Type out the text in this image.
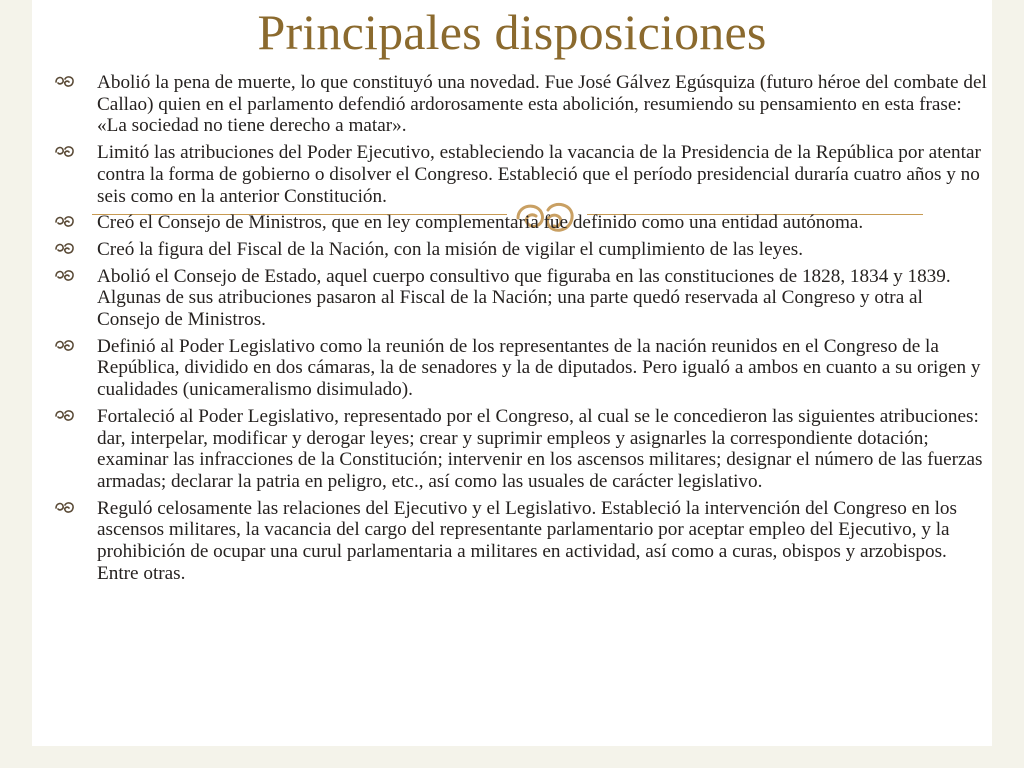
Principales disposiciones
Abolió la pena de muerte, lo que constituyó una novedad. Fue José Gálvez Egúsquiza (futuro héroe del combate del Callao) quien en el parlamento defendió ardorosamente esta abolición, resumiendo su pensamiento en esta frase: «La sociedad no tiene derecho a matar».
Limitó las atribuciones del Poder Ejecutivo, estableciendo la vacancia de la Presidencia de la República por atentar contra la forma de gobierno o disolver el Congreso. Estableció que el período presidencial duraría cuatro años y no seis como en la anterior Constitución.
Creó el Consejo de Ministros, que en ley complementaria fue definido como una entidad autónoma.
Creó la figura del Fiscal de la Nación, con la misión de vigilar el cumplimiento de las leyes.
Abolió el Consejo de Estado, aquel cuerpo consultivo que figuraba en las constituciones de 1828, 1834 y 1839. Algunas de sus atribuciones pasaron al Fiscal de la Nación; una parte quedó reservada al Congreso y otra al Consejo de Ministros.
Definió al Poder Legislativo como la reunión de los representantes de la nación reunidos en el Congreso de la República, dividido en dos cámaras, la de senadores y la de diputados. Pero igualó a ambos en cuanto a su origen y cualidades (unicameralismo disimulado).
Fortaleció al Poder Legislativo, representado por el Congreso, al cual se le concedieron las siguientes atribuciones: dar, interpelar, modificar y derogar leyes; crear y suprimir empleos y asignarles la correspondiente dotación; examinar las infracciones de la Constitución; intervenir en los ascensos militares; designar el número de las fuerzas armadas; declarar la patria en peligro, etc., así como las usuales de carácter legislativo.
Reguló celosamente las relaciones del Ejecutivo y el Legislativo. Estableció la intervención del Congreso en los ascensos militares, la vacancia del cargo del representante parlamentario por aceptar empleo del Ejecutivo, y la prohibición de ocupar una curul parlamentaria a militares en actividad, así como a curas, obispos y arzobispos. Entre otras.
